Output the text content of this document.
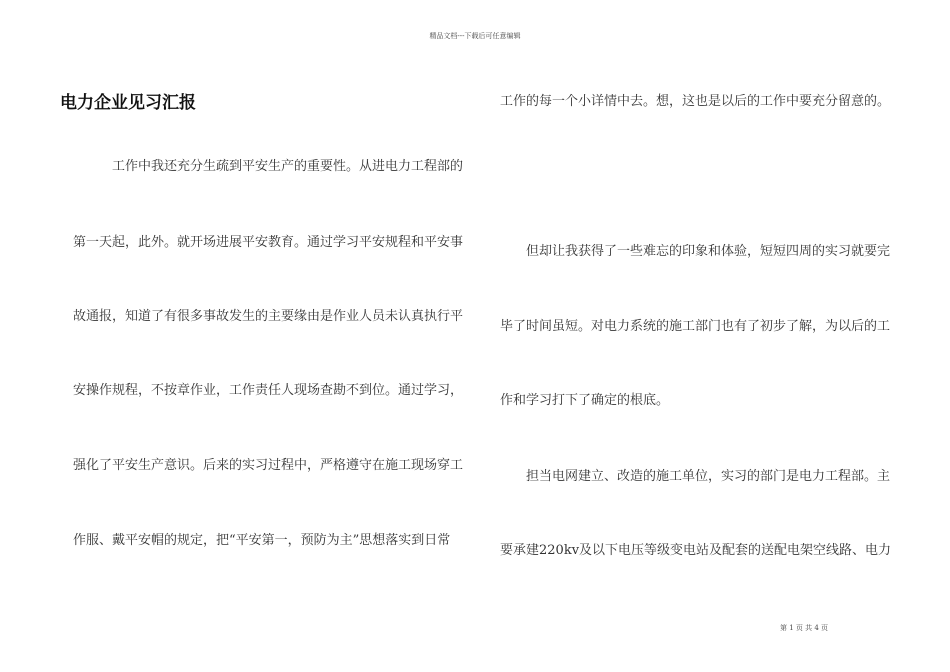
精品文档---下载后可任意编辑
电力企业见习汇报

　　　工作中我还充分生疏到平安生产的重要性。从进电力工程部的

第一天起，此外。就开场进展平安教育。通过学习平安规程和平安事

故通报，知道了有很多事故发生的主要缘由是作业人员未认真执行平

安操作规程，不按章作业，工作责任人现场查勘不到位。通过学习，

强化了平安生产意识。后来的实习过程中，严格遵守在施工现场穿工

作服、戴平安帽的规定，把“平安第一，预防为主”思想落实到日常

工作的每一个小详情中去。想，这也是以后的工作中要充分留意的。

　　但却让我获得了一些难忘的印象和体验，短短四周的实习就要完

毕了时间虽短。对电力系统的施工部门也有了初步了解，为以后的工

作和学习打下了确定的根底。

　　担当电网建立、改造的施工单位，实习的部门是电力工程部。主

要承建220kv及以下电压等级变电站及配套的送配电架空线路、电力

第 1 页 共 4 页
